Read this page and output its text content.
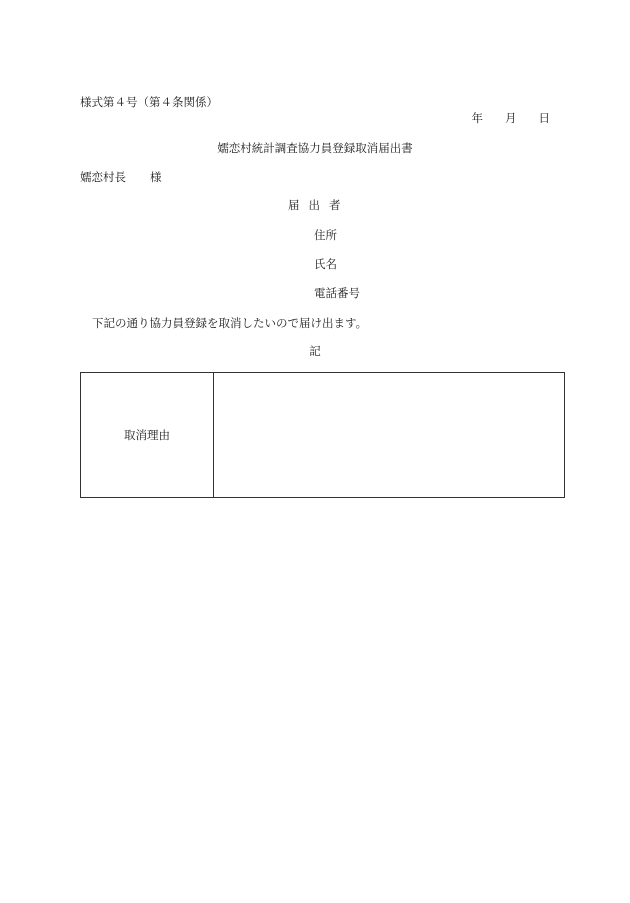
様式第４号（第４条関係）
年 月 日
嬬恋村統計調査協力員登録取消届出書
嬬恋村長 様
届出者
住所
氏名
電話番号
下記の通り協力員登録を取消したいので届け出ます。
記
取消理由	
